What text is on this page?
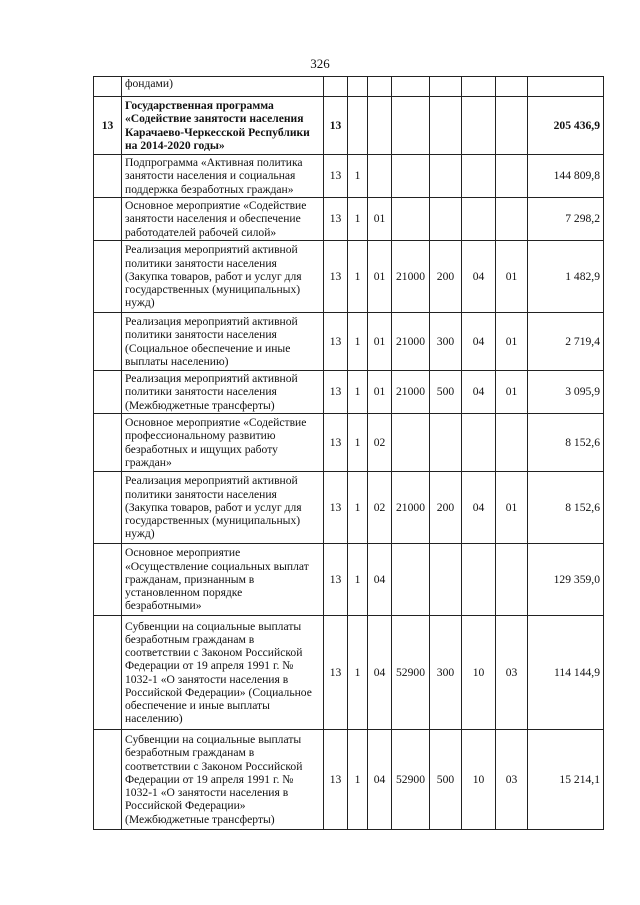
326
	фондами)								
13	Государственная программа «Содействие занятости населения Карачаево-Черкесской Республики на 2014-2020 годы»	13							205 436,9
	Подпрограмма «Активная политика занятости населения и социальная поддержка безработных граждан»	13	1						144 809,8
	Основное мероприятие «Содействие занятости населения и обеспечение работодателей рабочей силой»	13	1	01					7 298,2
	Реализация мероприятий активной политики занятости населения (Закупка товаров, работ и услуг для государственных (муниципальных) нужд)	13	1	01	21000	200	04	01	1 482,9
	Реализация мероприятий активной политики занятости населения (Социальное обеспечение и иные выплаты населению)	13	1	01	21000	300	04	01	2 719,4
	Реализация мероприятий активной политики занятости населения (Межбюджетные трансферты)	13	1	01	21000	500	04	01	3 095,9
	Основное мероприятие «Содействие профессиональному развитию безработных и ищущих работу граждан»	13	1	02					8 152,6
	Реализация мероприятий активной политики занятости населения (Закупка товаров, работ и услуг для государственных (муниципальных) нужд)	13	1	02	21000	200	04	01	8 152,6
	Основное мероприятие «Осуществление социальных выплат гражданам, признанным в установленном порядке безработными»	13	1	04					129 359,0
	Субвенции на социальные выплаты безработным гражданам в соответствии с Законом Российской Федерации от 19 апреля 1991 г. № 1032-1 «О занятости населения в Российской Федерации» (Социальное обеспечение и иные выплаты населению)	13	1	04	52900	300	10	03	114 144,9
	Субвенции на социальные выплаты безработным гражданам в соответствии с Законом Российской Федерации от 19 апреля 1991 г. № 1032-1 «О занятости населения в Российской Федерации» (Межбюджетные трансферты)	13	1	04	52900	500	10	03	15 214,1
